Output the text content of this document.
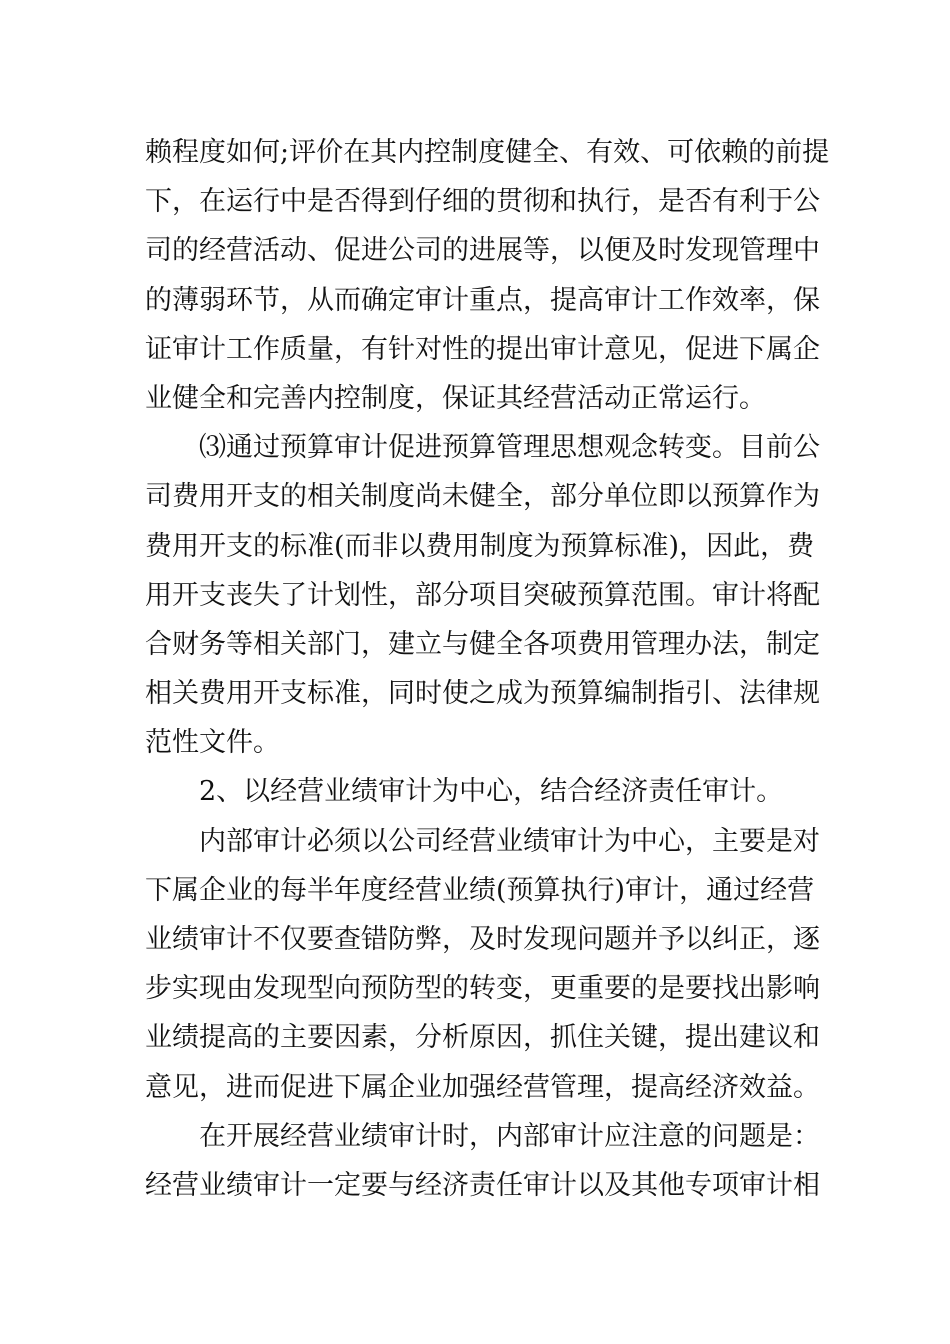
赖程度如何;评价在其内控制度健全、有效、可依赖的前提
下，在运行中是否得到仔细的贯彻和执行，是否有利于公
司的经营活动、促进公司的进展等，以便及时发现管理中
的薄弱环节，从而确定审计重点，提高审计工作效率，保
证审计工作质量，有针对性的提出审计意见，促进下属企
业健全和完善内控制度，保证其经营活动正常运行。

⑶通过预算审计促进预算管理思想观念转变。目前公
司费用开支的相关制度尚未健全，部分单位即以预算作为
费用开支的标准(而非以费用制度为预算标准)，因此，费
用开支丧失了计划性，部分项目突破预算范围。审计将配
合财务等相关部门，建立与健全各项费用管理办法，制定
相关费用开支标准，同时使之成为预算编制指引、法律规
范性文件。

2、以经营业绩审计为中心，结合经济责任审计。

内部审计必须以公司经营业绩审计为中心，主要是对
下属企业的每半年度经营业绩(预算执行)审计，通过经营
业绩审计不仅要查错防弊，及时发现问题并予以纠正，逐
步实现由发现型向预防型的转变，更重要的是要找出影响
业绩提高的主要因素，分析原因，抓住关键，提出建议和
意见，进而促进下属企业加强经营管理，提高经济效益。

在开展经营业绩审计时，内部审计应注意的问题是：
经营业绩审计一定要与经济责任审计以及其他专项审计相
